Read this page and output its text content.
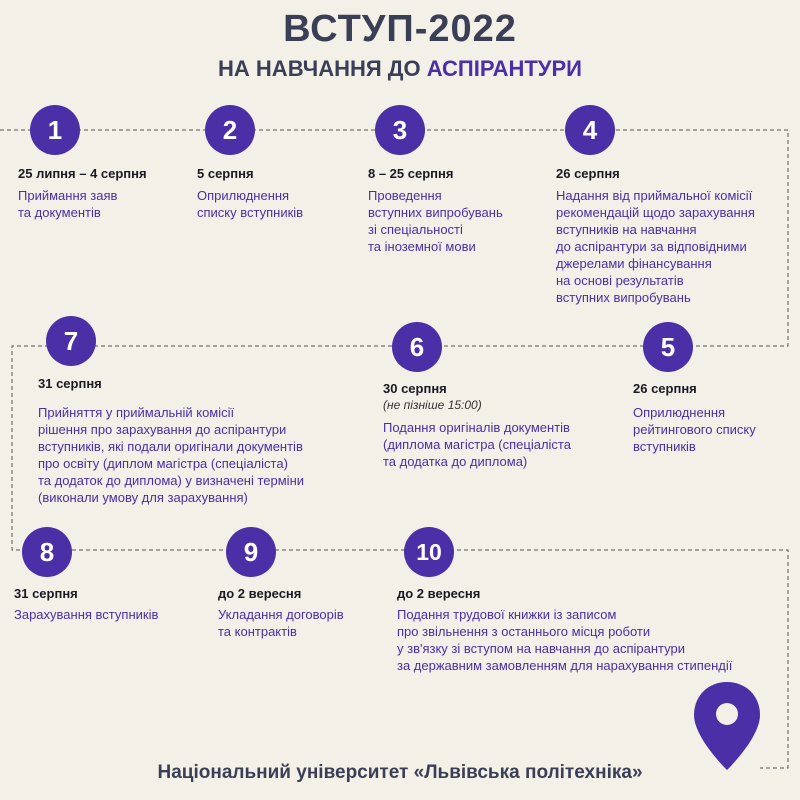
ВСТУП-2022
НА НАВЧАННЯ ДО АСПІРАНТУРИ
1
25 липня – 4 серпня
Приймання заяв
та документів
2
5 серпня
Оприлюднення
списку вступників
3
8 – 25 серпня
Проведення
вступних випробувань
зі спеціальності
та іноземної мови
4
26 серпня
Надання від приймальної комісії
рекомендацій щодо зарахування
вступників на навчання
до аспірантури за відповідними
джерелами фінансування
на основі результатів
вступних випробувань
5
26 серпня
Оприлюднення
рейтингового списку
вступників
6
30 серпня
(не пізніше 15:00)
Подання оригіналів документів
(диплома магістра (спеціаліста
та додатка до диплома)
7
31 серпня
Прийняття у приймальній комісії
рішення про зарахування до аспірантури
вступників, які подали оригінали документів
про освіту (диплом магістра (спеціаліста)
та додаток до диплома) у визначені терміни
(виконали умову для зарахування)
8
31 серпня
Зарахування вступників
9
до 2 вересня
Укладання договорів
та контрактів
10
до 2 вересня
Подання трудової книжки із записом
про звільнення з останнього місця роботи
у зв'язку зі вступом на навчання до аспірантури
за державним замовленням для нарахування стипендії
Національний університет «Львівська політехніка»
